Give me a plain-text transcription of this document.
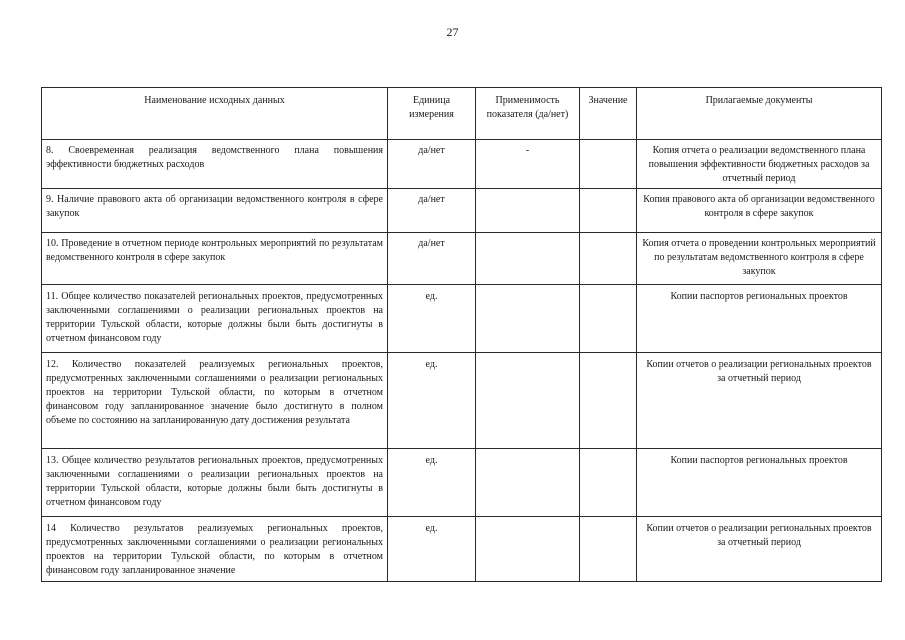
27
Наименование исходных данных	Единица измерения	Применимость показателя (да/нет)	Значение	Прилагаемые документы
8. Своевременная реализация ведомственного плана повышения эффективности бюджетных расходов	да/нет	-		Копия отчета о реализации ведомственного плана повышения эффективности бюджетных расходов за отчетный период
9. Наличие правового акта об организации ведомственного контроля в сфере закупок	да/нет			Копия правового акта об организации ведомственного контроля в сфере закупок
10. Проведение в отчетном периоде контрольных мероприятий по результатам ведомственного контроля в сфере закупок	да/нет			Копия отчета о проведении контрольных мероприятий по результатам ведомственного контроля в сфере закупок
11. Общее количество показателей региональных проектов, предусмотренных заключенными соглашениями о реализации региональных проектов на территории Тульской области, которые должны были быть достигнуты в отчетном финансовом году	ед.			Копии паспортов региональных проектов
12. Количество показателей реализуемых региональных проектов, предусмотренных заключенными соглашениями о реализации региональных проектов на территории Тульской области, по которым в отчетном финансовом году запланированное значение было достигнуто в полном объеме по состоянию на запланированную дату достижения результата	ед.			Копии отчетов о реализации региональных проектов за отчетный период
13. Общее количество результатов региональных проектов, предусмотренных заключенными соглашениями о реализации региональных проектов на территории Тульской области, которые должны были быть достигнуты в отчетном финансовом году	ед.			Копии паспортов региональных проектов
14 Количество результатов реализуемых региональных проектов, предусмотренных заключенными соглашениями о реализации региональных проектов на территории Тульской области, по которым в отчетном финансовом году запланированное значение	ед.			Копии отчетов о реализации региональных проектов за отчетный период
